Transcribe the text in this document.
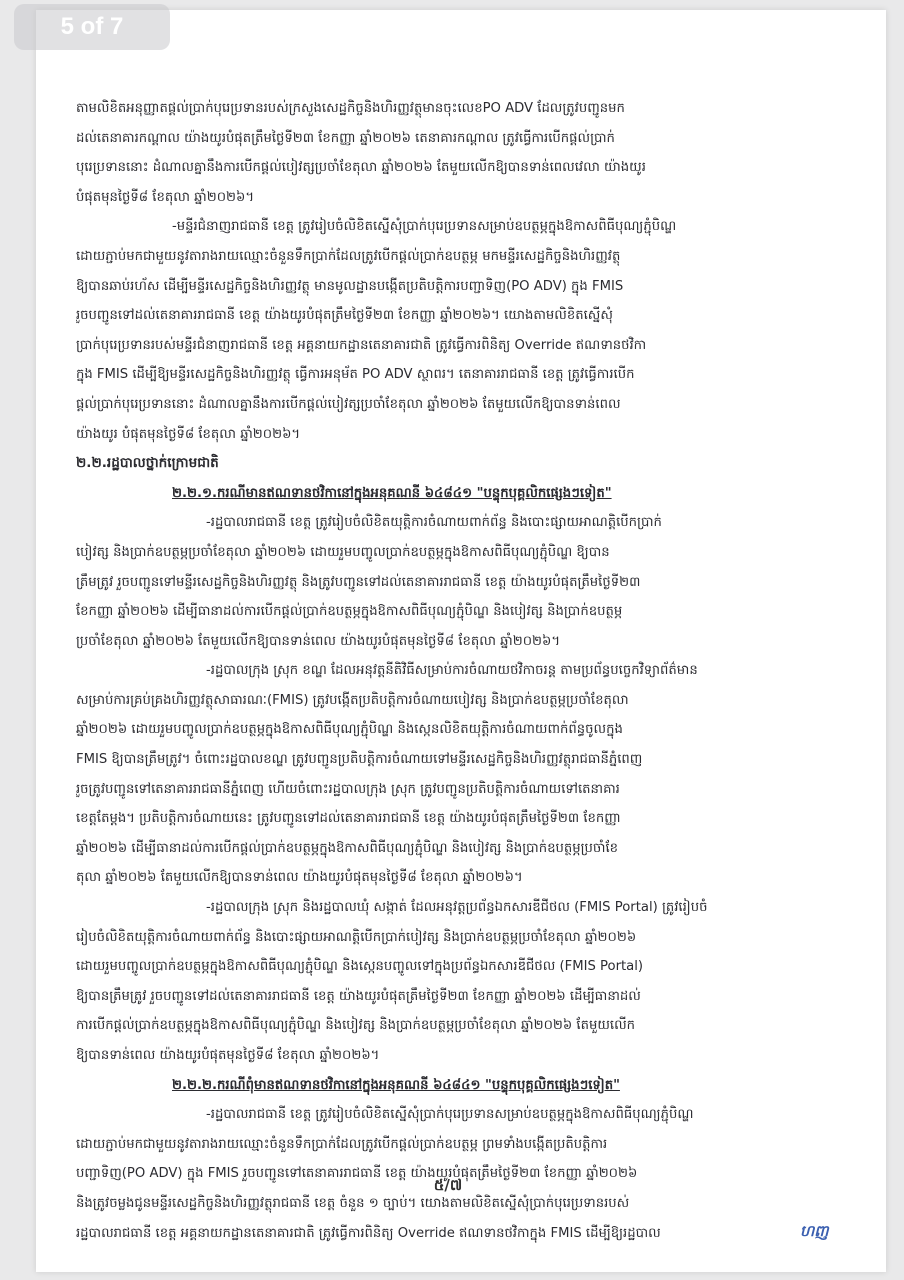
5 of 7
តាមលិខិតអនុញ្ញាតផ្តល់ប្រាក់បុរេប្រទានរបស់ក្រសួងសេដ្ឋកិច្ចនិងហិរញ្ញវត្ថុមានចុះលេខPO ADV ដែលត្រូវបញ្ជូនមក
ដល់តេនាគារកណ្តាល យ៉ាងយូរបំផុតត្រឹមថ្ងៃទី២៣ ខែកញ្ញា ឆ្នាំ២០២៦ តេនាគារកណ្តាល ត្រូវធ្វើការបើកផ្តល់ប្រាក់
បុរេប្រទាននោះ ដំណាលគ្នានឹងការបើកផ្តល់បៀវត្សប្រចាំខែតុលា ឆ្នាំ២០២៦ តែមួយលើកឱ្យបានទាន់ពេលវេលា យ៉ាងយូរ
បំផុតមុនថ្ងៃទី៨ ខែតុលា ឆ្នាំ២០២៦។
-មន្ទីរជំនាញរាជធានី ខេត្ត ត្រូវរៀបចំលិខិតស្នើសុំប្រាក់បុរេប្រទានសម្រាប់ឧបត្ថម្ភក្នុងឱកាសពិធីបុណ្យភ្ជុំបិណ្ឌ
ដោយភ្ជាប់មកជាមួយនូវតារាងរាយឈ្មោះចំនួនទឹកប្រាក់ដែលត្រូវបើកផ្តល់ប្រាក់ឧបត្ថម្ភ មកមន្ទីរសេដ្ឋកិច្ចនិងហិរញ្ញវត្ថុ
ឱ្យបានឆាប់រហ័ស ដើម្បីមន្ទីរសេដ្ឋកិច្ចនិងហិរញ្ញវត្ថុ មានមូលដ្ឋានបង្កើតប្រតិបត្តិការបញ្ជាទិញ(PO ADV) ក្នុង FMIS
រួចបញ្ជូនទៅដល់តេនាគាររាជធានី ខេត្ត យ៉ាងយូរបំផុតត្រឹមថ្ងៃទី២៣ ខែកញ្ញា ឆ្នាំ២០២៦។ យោងតាមលិខិតស្នើសុំ
ប្រាក់បុរេប្រទានរបស់មន្ទីរជំនាញរាជធានី ខេត្ត អគ្គនាយកដ្ឋានតេនាគារជាតិ ត្រូវធ្វើការពិនិត្យ Override ឥណទានថវិកា
ក្នុង FMIS ដើម្បីឱ្យមន្ទីរសេដ្ឋកិច្ចនិងហិរញ្ញវត្ថុ ធ្វើការអនុម័ត PO ADV ស្ថាពរ។ តេនាគាររាជធានី ខេត្ត ត្រូវធ្វើការបើក
ផ្តល់ប្រាក់បុរេប្រទាននោះ ដំណាលគ្នានឹងការបើកផ្តល់បៀវត្សប្រចាំខែតុលា ឆ្នាំ២០២៦ តែមួយលើកឱ្យបានទាន់ពេល
យ៉ាងយូរ បំផុតមុនថ្ងៃទី៨ ខែតុលា ឆ្នាំ២០២៦។
២.២.រដ្ឋបាលថ្នាក់ក្រោមជាតិ
២.២.១.ករណីមានឥណទានថវិកានៅក្នុងអនុគណនី ៦៤៨៤១ "បន្ទុកបុគ្គលិកផ្សេងៗទៀត"
-រដ្ឋបាលរាជធានី ខេត្ត ត្រូវរៀបចំលិខិតយុត្តិការចំណាយពាក់ព័ន្ធ និងបោះផ្សាយអាណត្តិបើកប្រាក់
បៀវត្ស និងប្រាក់ឧបត្ថម្ភប្រចាំខែតុលា ឆ្នាំ២០២៦ ដោយរួមបញ្ចូលប្រាក់ឧបត្ថម្ភក្នុងឱកាសពិធីបុណ្យភ្ជុំបិណ្ឌ ឱ្យបាន
ត្រឹមត្រូវ រួចបញ្ជូនទៅមន្ទីរសេដ្ឋកិច្ចនិងហិរញ្ញវត្ថុ និងត្រូវបញ្ជូនទៅដល់តេនាគាររាជធានី ខេត្ត យ៉ាងយូរបំផុតត្រឹមថ្ងៃទី២៣
ខែកញ្ញា ឆ្នាំ២០២៦ ដើម្បីធានាដល់ការបើកផ្តល់ប្រាក់ឧបត្ថម្ភក្នុងឱកាសពិធីបុណ្យភ្ជុំបិណ្ឌ និងបៀវត្ស និងប្រាក់ឧបត្ថម្ភ
ប្រចាំខែតុលា ឆ្នាំ២០២៦ តែមួយលើកឱ្យបានទាន់ពេល យ៉ាងយូរបំផុតមុនថ្ងៃទី៨ ខែតុលា ឆ្នាំ២០២៦។
-រដ្ឋបាលក្រុង ស្រុក ខណ្ឌ ដែលអនុវត្តនីតិវិធីសម្រាប់ការចំណាយថវិកាចរន្ត តាមប្រព័ន្ធបច្ចេកវិទ្យាព័ត៌មាន
សម្រាប់ការគ្រប់គ្រងហិរញ្ញវត្ថុសាធារណៈ(FMIS) ត្រូវបង្កើតប្រតិបត្តិការចំណាយបៀវត្ស និងប្រាក់ឧបត្ថម្ភប្រចាំខែតុលា
ឆ្នាំ២០២៦ ដោយរួមបញ្ចូលប្រាក់ឧបត្ថម្ភក្នុងឱកាសពិធីបុណ្យភ្ជុំបិណ្ឌ និងស្កេនលិខិតយុត្តិការចំណាយពាក់ព័ន្ធចូលក្នុង
FMIS ឱ្យបានត្រឹមត្រូវ។ ចំពោះរដ្ឋបាលខណ្ឌ ត្រូវបញ្ជូនប្រតិបត្តិការចំណាយទៅមន្ទីរសេដ្ឋកិច្ចនិងហិរញ្ញវត្ថុរាជធានីភ្នំពេញ
រួចត្រូវបញ្ជូនទៅតេនាគាររាជធានីភ្នំពេញ ហើយចំពោះរដ្ឋបាលក្រុង ស្រុក ត្រូវបញ្ជូនប្រតិបត្តិការចំណាយទៅតេនាគារ
ខេត្តតែម្តង។ ប្រតិបត្តិការចំណាយនេះ ត្រូវបញ្ជូនទៅដល់តេនាគាររាជធានី ខេត្ត យ៉ាងយូរបំផុតត្រឹមថ្ងៃទី២៣ ខែកញ្ញា
ឆ្នាំ២០២៦ ដើម្បីធានាដល់ការបើកផ្តល់ប្រាក់ឧបត្ថម្ភក្នុងឱកាសពិធីបុណ្យភ្ជុំបិណ្ឌ និងបៀវត្ស និងប្រាក់ឧបត្ថម្ភប្រចាំខែ
តុលា ឆ្នាំ២០២៦ តែមួយលើកឱ្យបានទាន់ពេល យ៉ាងយូរបំផុតមុនថ្ងៃទី៨ ខែតុលា ឆ្នាំ២០២៦។
-រដ្ឋបាលក្រុង ស្រុក និងរដ្ឋបាលឃុំ សង្កាត់ ដែលអនុវត្តប្រព័ន្ធឯកសារឌីជីថល (FMIS Portal) ត្រូវរៀបចំ
រៀបចំលិខិតយុត្តិការចំណាយពាក់ព័ន្ធ និងបោះផ្សាយអាណត្តិបើកប្រាក់បៀវត្ស និងប្រាក់ឧបត្ថម្ភប្រចាំខែតុលា ឆ្នាំ២០២៦
ដោយរួមបញ្ចូលប្រាក់ឧបត្ថម្ភក្នុងឱកាសពិធីបុណ្យភ្ជុំបិណ្ឌ និងស្កេនបញ្ចូលទៅក្នុងប្រព័ន្ធឯកសារឌីជីថល (FMIS Portal)
ឱ្យបានត្រឹមត្រូវ រួចបញ្ជូនទៅដល់តេនាគាររាជធានី ខេត្ត យ៉ាងយូរបំផុតត្រឹមថ្ងៃទី២៣ ខែកញ្ញា ឆ្នាំ២០២៦ ដើម្បីធានាដល់
ការបើកផ្តល់ប្រាក់ឧបត្ថម្ភក្នុងឱកាសពិធីបុណ្យភ្ជុំបិណ្ឌ និងបៀវត្ស និងប្រាក់ឧបត្ថម្ភប្រចាំខែតុលា ឆ្នាំ២០២៦ តែមួយលើក
ឱ្យបានទាន់ពេល យ៉ាងយូរបំផុតមុនថ្ងៃទី៨ ខែតុលា ឆ្នាំ២០២៦។
២.២.២.ករណីពុំមានឥណទានថវិកានៅក្នុងអនុគណនី ៦៤៨៤១ "បន្ទុកបុគ្គលិកផ្សេងៗទៀត"
-រដ្ឋបាលរាជធានី ខេត្ត ត្រូវរៀបចំលិខិតស្នើសុំប្រាក់បុរេប្រទានសម្រាប់ឧបត្ថម្ភក្នុងឱកាសពិធីបុណ្យភ្ជុំបិណ្ឌ
ដោយភ្ជាប់មកជាមួយនូវតារាងរាយឈ្មោះចំនួនទឹកប្រាក់ដែលត្រូវបើកផ្តល់ប្រាក់ឧបត្ថម្ភ ព្រមទាំងបង្កើតប្រតិបត្តិការ
បញ្ជាទិញ(PO ADV) ក្នុង FMIS រួចបញ្ជូនទៅតេនាគាររាជធានី ខេត្ត យ៉ាងយូរបំផុតត្រឹមថ្ងៃទី២៣ ខែកញ្ញា ឆ្នាំ២០២៦
និងត្រូវចម្លងជូនមន្ទីរសេដ្ឋកិច្ចនិងហិរញ្ញវត្ថុរាជធានី ខេត្ត ចំនួន ១ ច្បាប់។ យោងតាមលិខិតស្នើសុំប្រាក់បុរេប្រទានរបស់
រដ្ឋបាលរាជធានី ខេត្ត អគ្គនាយកដ្ឋានតេនាគារជាតិ ត្រូវធ្វើការពិនិត្យ Override ឥណទានថវិកាក្នុង FMIS ដើម្បីឱ្យរដ្ឋបាល
៥/៧
ហ​ញ
